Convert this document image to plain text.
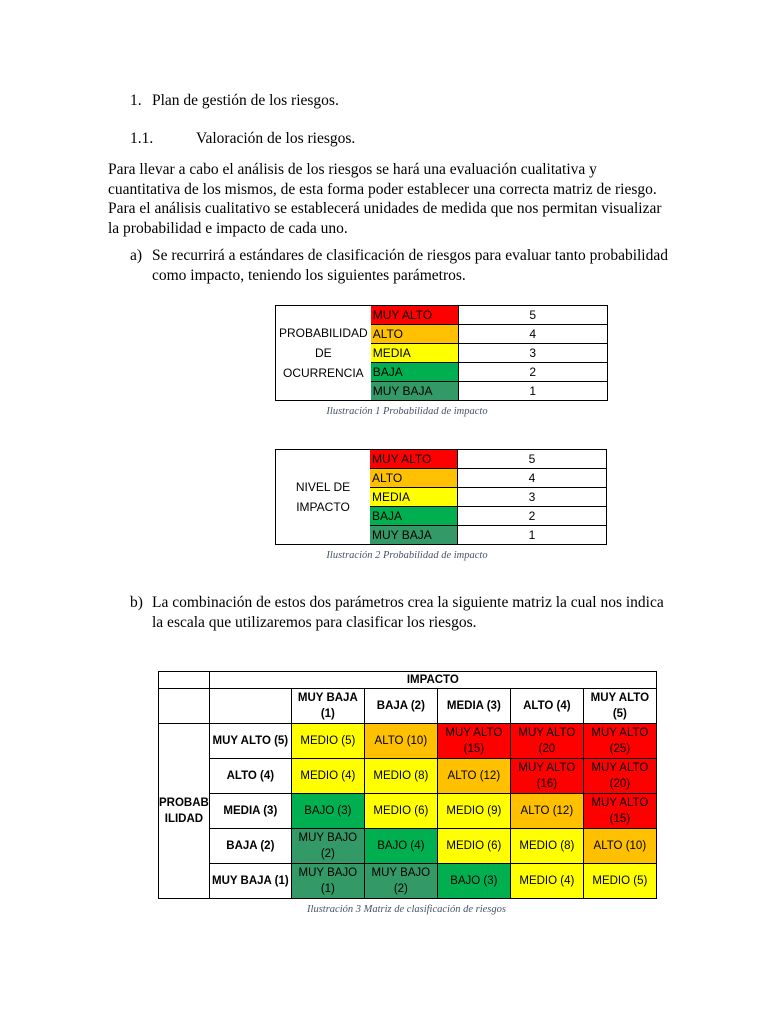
1. Plan de gestión de los riesgos.
1.1.	Valoración de los riesgos.
Para llevar a cabo el análisis de los riesgos se hará una evaluación cualitativa y cuantitativa de los mismos, de esta forma poder establecer una correcta matriz de riesgo. Para el análisis cualitativo se establecerá unidades de medida que nos permitan visualizar la probabilidad e impacto de cada uno.
a) Se recurrirá a estándares de clasificación de riesgos para evaluar tanto probabilidad como impacto, teniendo los siguientes parámetros.
PROBABILIDAD
DE
OCURRENCIA	MUY ALTO	5
	ALTO	4
	MEDIA	3
	BAJA	2
	MUY BAJA	1
Ilustración 1 Probabilidad de impacto
NIVEL DE
IMPACTO	MUY ALTO	5
	ALTO	4
	MEDIA	3
	BAJA	2
	MUY BAJA	1
Ilustración 2 Probabilidad de impacto
b) La combinación de estos dos parámetros crea la siguiente matriz la cual nos indica la escala que utilizaremos para clasificar los riesgos.
	IMPACTO					
		MUY BAJA (1)	BAJA (2)	MEDIA (3)	ALTO (4)	MUY ALTO (5)
PROBAB ILIDAD	MUY ALTO (5)	MEDIO (5)	ALTO (10)	MUY ALTO (15)	MUY ALTO (20	MUY ALTO (25)
	ALTO (4)	MEDIO (4)	MEDIO (8)	ALTO (12)	MUY ALTO (16)	MUY ALTO (20)
	MEDIA (3)	BAJO (3)	MEDIO (6)	MEDIO (9)	ALTO (12)	MUY ALTO (15)
	BAJA (2)	MUY BAJO (2)	BAJO (4)	MEDIO (6)	MEDIO (8)	ALTO (10)
	MUY BAJA (1)	MUY BAJO (1)	MUY BAJO (2)	BAJO (3)	MEDIO (4)	MEDIO (5)
Ilustración 3 Matriz de clasificación de riesgos
